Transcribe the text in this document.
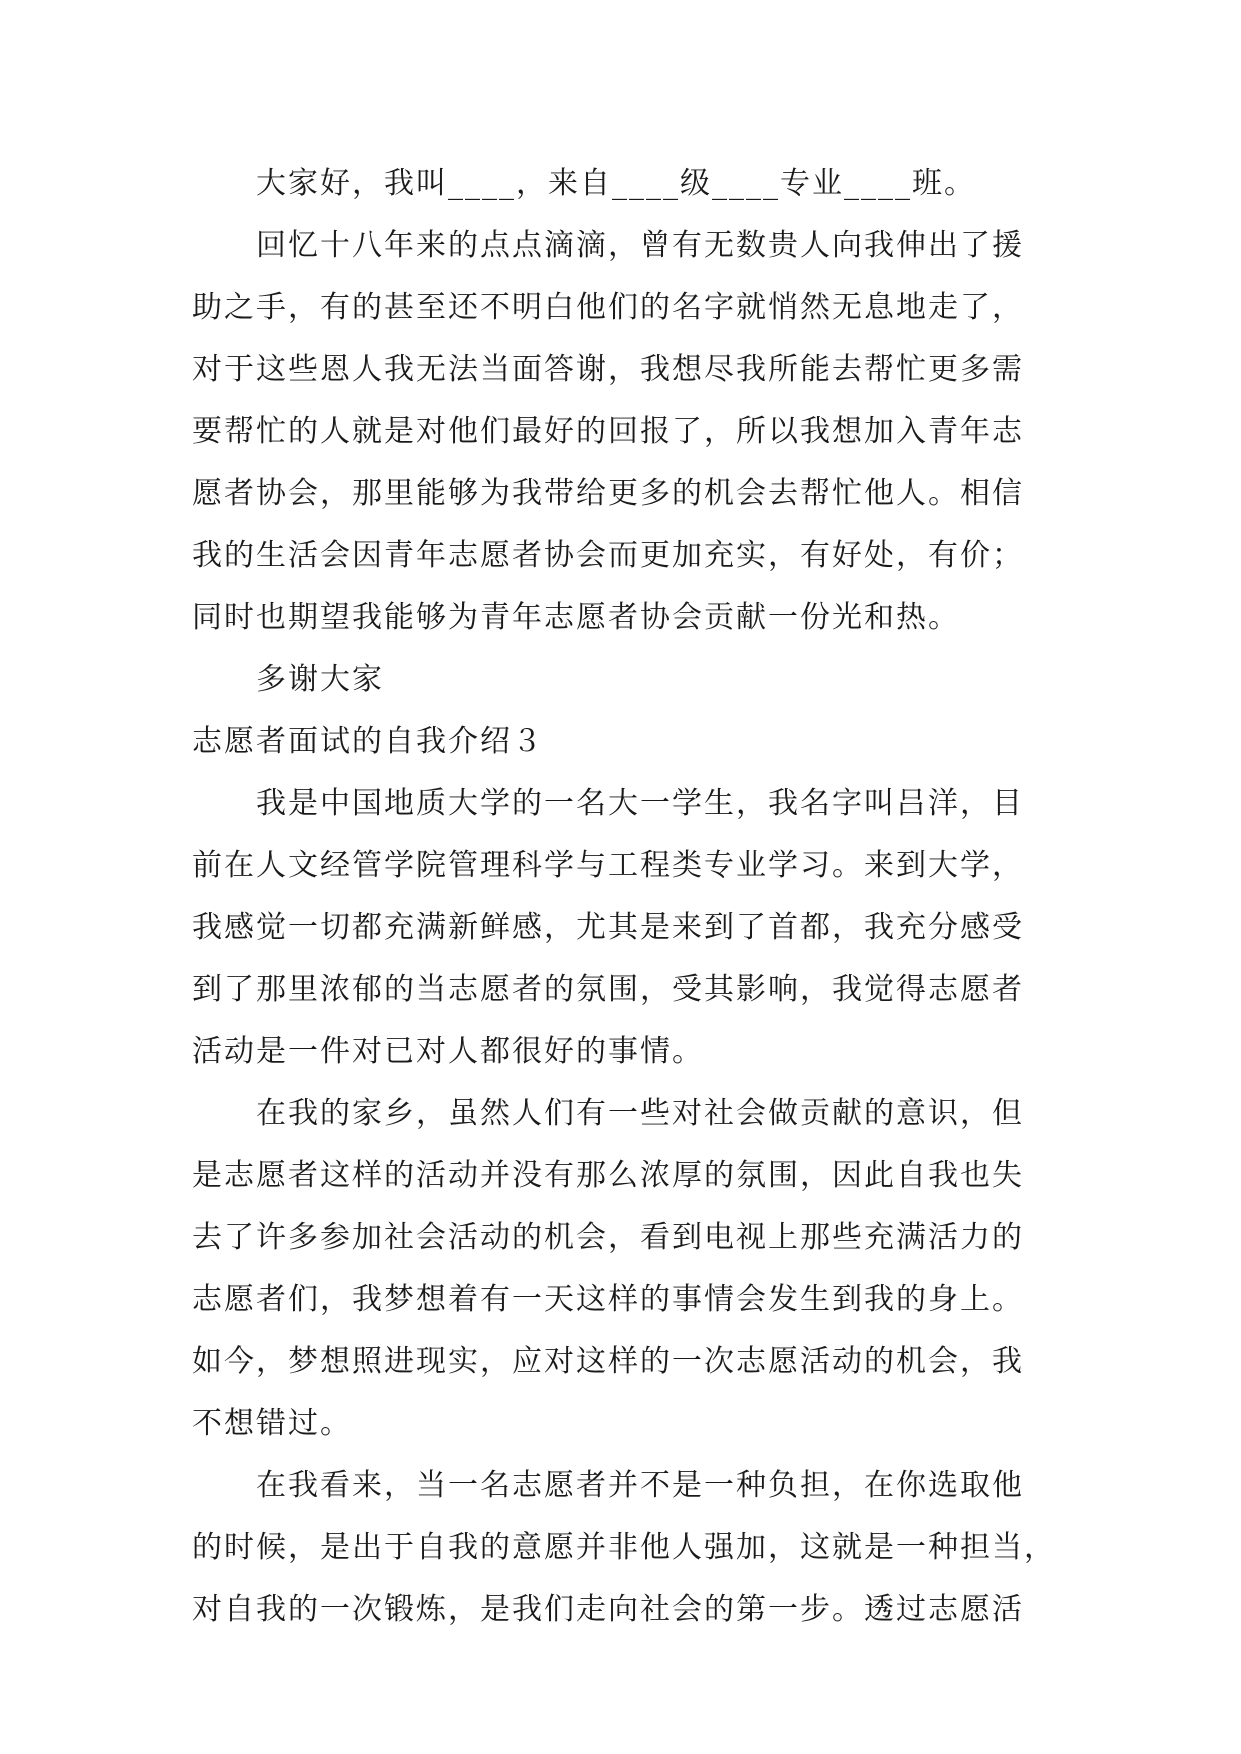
大家好，我叫____，来自____级____专业____班。
回忆十八年来的点点滴滴，曾有无数贵人向我伸出了援
助之手，有的甚至还不明白他们的名字就悄然无息地走了，
对于这些恩人我无法当面答谢，我想尽我所能去帮忙更多需
要帮忙的人就是对他们最好的回报了，所以我想加入青年志
愿者协会，那里能够为我带给更多的机会去帮忙他人。相信
我的生活会因青年志愿者协会而更加充实，有好处，有价；
同时也期望我能够为青年志愿者协会贡献一份光和热。
多谢大家
志愿者面试的自我介绍３
我是中国地质大学的一名大一学生，我名字叫吕洋，目
前在人文经管学院管理科学与工程类专业学习。来到大学，
我感觉一切都充满新鲜感，尤其是来到了首都，我充分感受
到了那里浓郁的当志愿者的氛围，受其影响，我觉得志愿者
活动是一件对已对人都很好的事情。
在我的家乡，虽然人们有一些对社会做贡献的意识，但
是志愿者这样的活动并没有那么浓厚的氛围，因此自我也失
去了许多参加社会活动的机会，看到电视上那些充满活力的
志愿者们，我梦想着有一天这样的事情会发生到我的身上。
如今，梦想照进现实，应对这样的一次志愿活动的机会，我
不想错过。
在我看来，当一名志愿者并不是一种负担，在你选取他
的时候，是出于自我的意愿并非他人强加，这就是一种担当，
对自我的一次锻炼，是我们走向社会的第一步。透过志愿活
